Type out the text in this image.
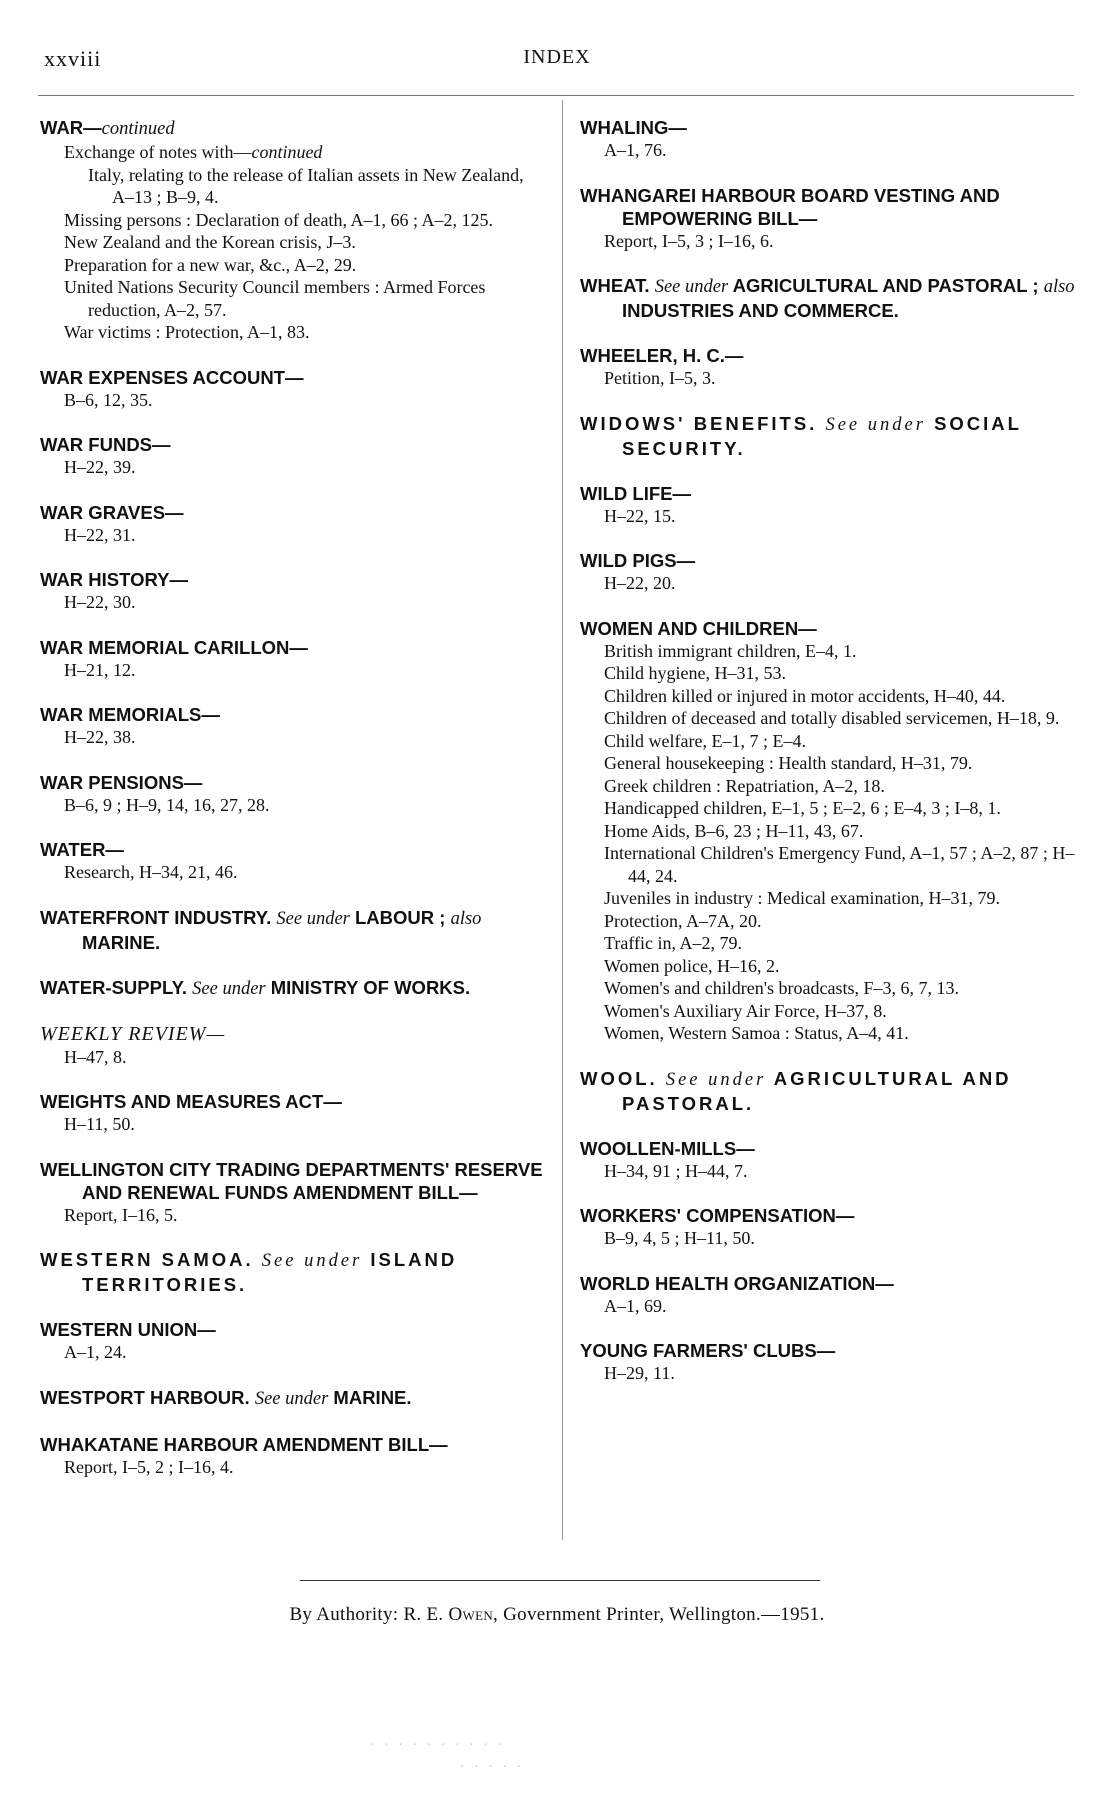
xxviii	INDEX
WAR—continued
Exchange of notes with—continued
Italy, relating to the release of Italian assets in New Zealand, A–13 ; B–9, 4.
Missing persons : Declaration of death, A–1, 66 ; A–2, 125.
New Zealand and the Korean crisis, J–3.
Preparation for a new war, &c., A–2, 29.
United Nations Security Council members : Armed Forces reduction, A–2, 57.
War victims : Protection, A–1, 83.
WAR EXPENSES ACCOUNT—
B–6, 12, 35.
WAR FUNDS—
H–22, 39.
WAR GRAVES—
H–22, 31.
WAR HISTORY—
H–22, 30.
WAR MEMORIAL CARILLON—
H–21, 12.
WAR MEMORIALS—
H–22, 38.
WAR PENSIONS—
B–6, 9 ; H–9, 14, 16, 27, 28.
WATER—
Research, H–34, 21, 46.
WATERFRONT INDUSTRY. See under LABOUR ; also MARINE.
WATER-SUPPLY. See under MINISTRY OF WORKS.
WEEKLY REVIEW—
H–47, 8.
WEIGHTS AND MEASURES ACT—
H–11, 50.
WELLINGTON CITY TRADING DEPARTMENTS' RESERVE AND RENEWAL FUNDS AMENDMENT BILL—
Report, I–16, 5.
WESTERN SAMOA. See under ISLAND TERRITORIES.
WESTERN UNION—
A–1, 24.
WESTPORT HARBOUR. See under MARINE.
WHAKATANE HARBOUR AMENDMENT BILL—
Report, I–5, 2 ; I–16, 4.
WHALING—
A–1, 76.
WHANGAREI HARBOUR BOARD VESTING AND EMPOWERING BILL—
Report, I–5, 3 ; I–16, 6.
WHEAT. See under AGRICULTURAL AND PASTORAL ; also INDUSTRIES AND COMMERCE.
WHEELER, H. C.—
Petition, I–5, 3.
WIDOWS' BENEFITS. See under SOCIAL SECURITY.
WILD LIFE—
H–22, 15.
WILD PIGS—
H–22, 20.
WOMEN AND CHILDREN—
British immigrant children, E–4, 1.
Child hygiene, H–31, 53.
Children killed or injured in motor accidents, H–40, 44.
Children of deceased and totally disabled servicemen, H–18, 9.
Child welfare, E–1, 7 ; E–4.
General housekeeping : Health standard, H–31, 79.
Greek children : Repatriation, A–2, 18.
Handicapped children, E–1, 5 ; E–2, 6 ; E–4, 3 ; I–8, 1.
Home Aids, B–6, 23 ; H–11, 43, 67.
International Children's Emergency Fund, A–1, 57 ; A–2, 87 ; H–44, 24.
Juveniles in industry : Medical examination, H–31, 79.
Protection, A–7A, 20.
Traffic in, A–2, 79.
Women police, H–16, 2.
Women's and children's broadcasts, F–3, 6, 7, 13.
Women's Auxiliary Air Force, H–37, 8.
Women, Western Samoa : Status, A–4, 41.
WOOL. See under AGRICULTURAL AND PASTORAL.
WOOLLEN-MILLS—
H–34, 91 ; H–44, 7.
WORKERS' COMPENSATION—
B–9, 4, 5 ; H–11, 50.
WORLD HEALTH ORGANIZATION—
A–1, 69.
YOUNG FARMERS' CLUBS—
H–29, 11.
By Authority: R. E. Owen, Government Printer, Wellington.—1951.
· · · · · · · · · ·
· · · · ·
